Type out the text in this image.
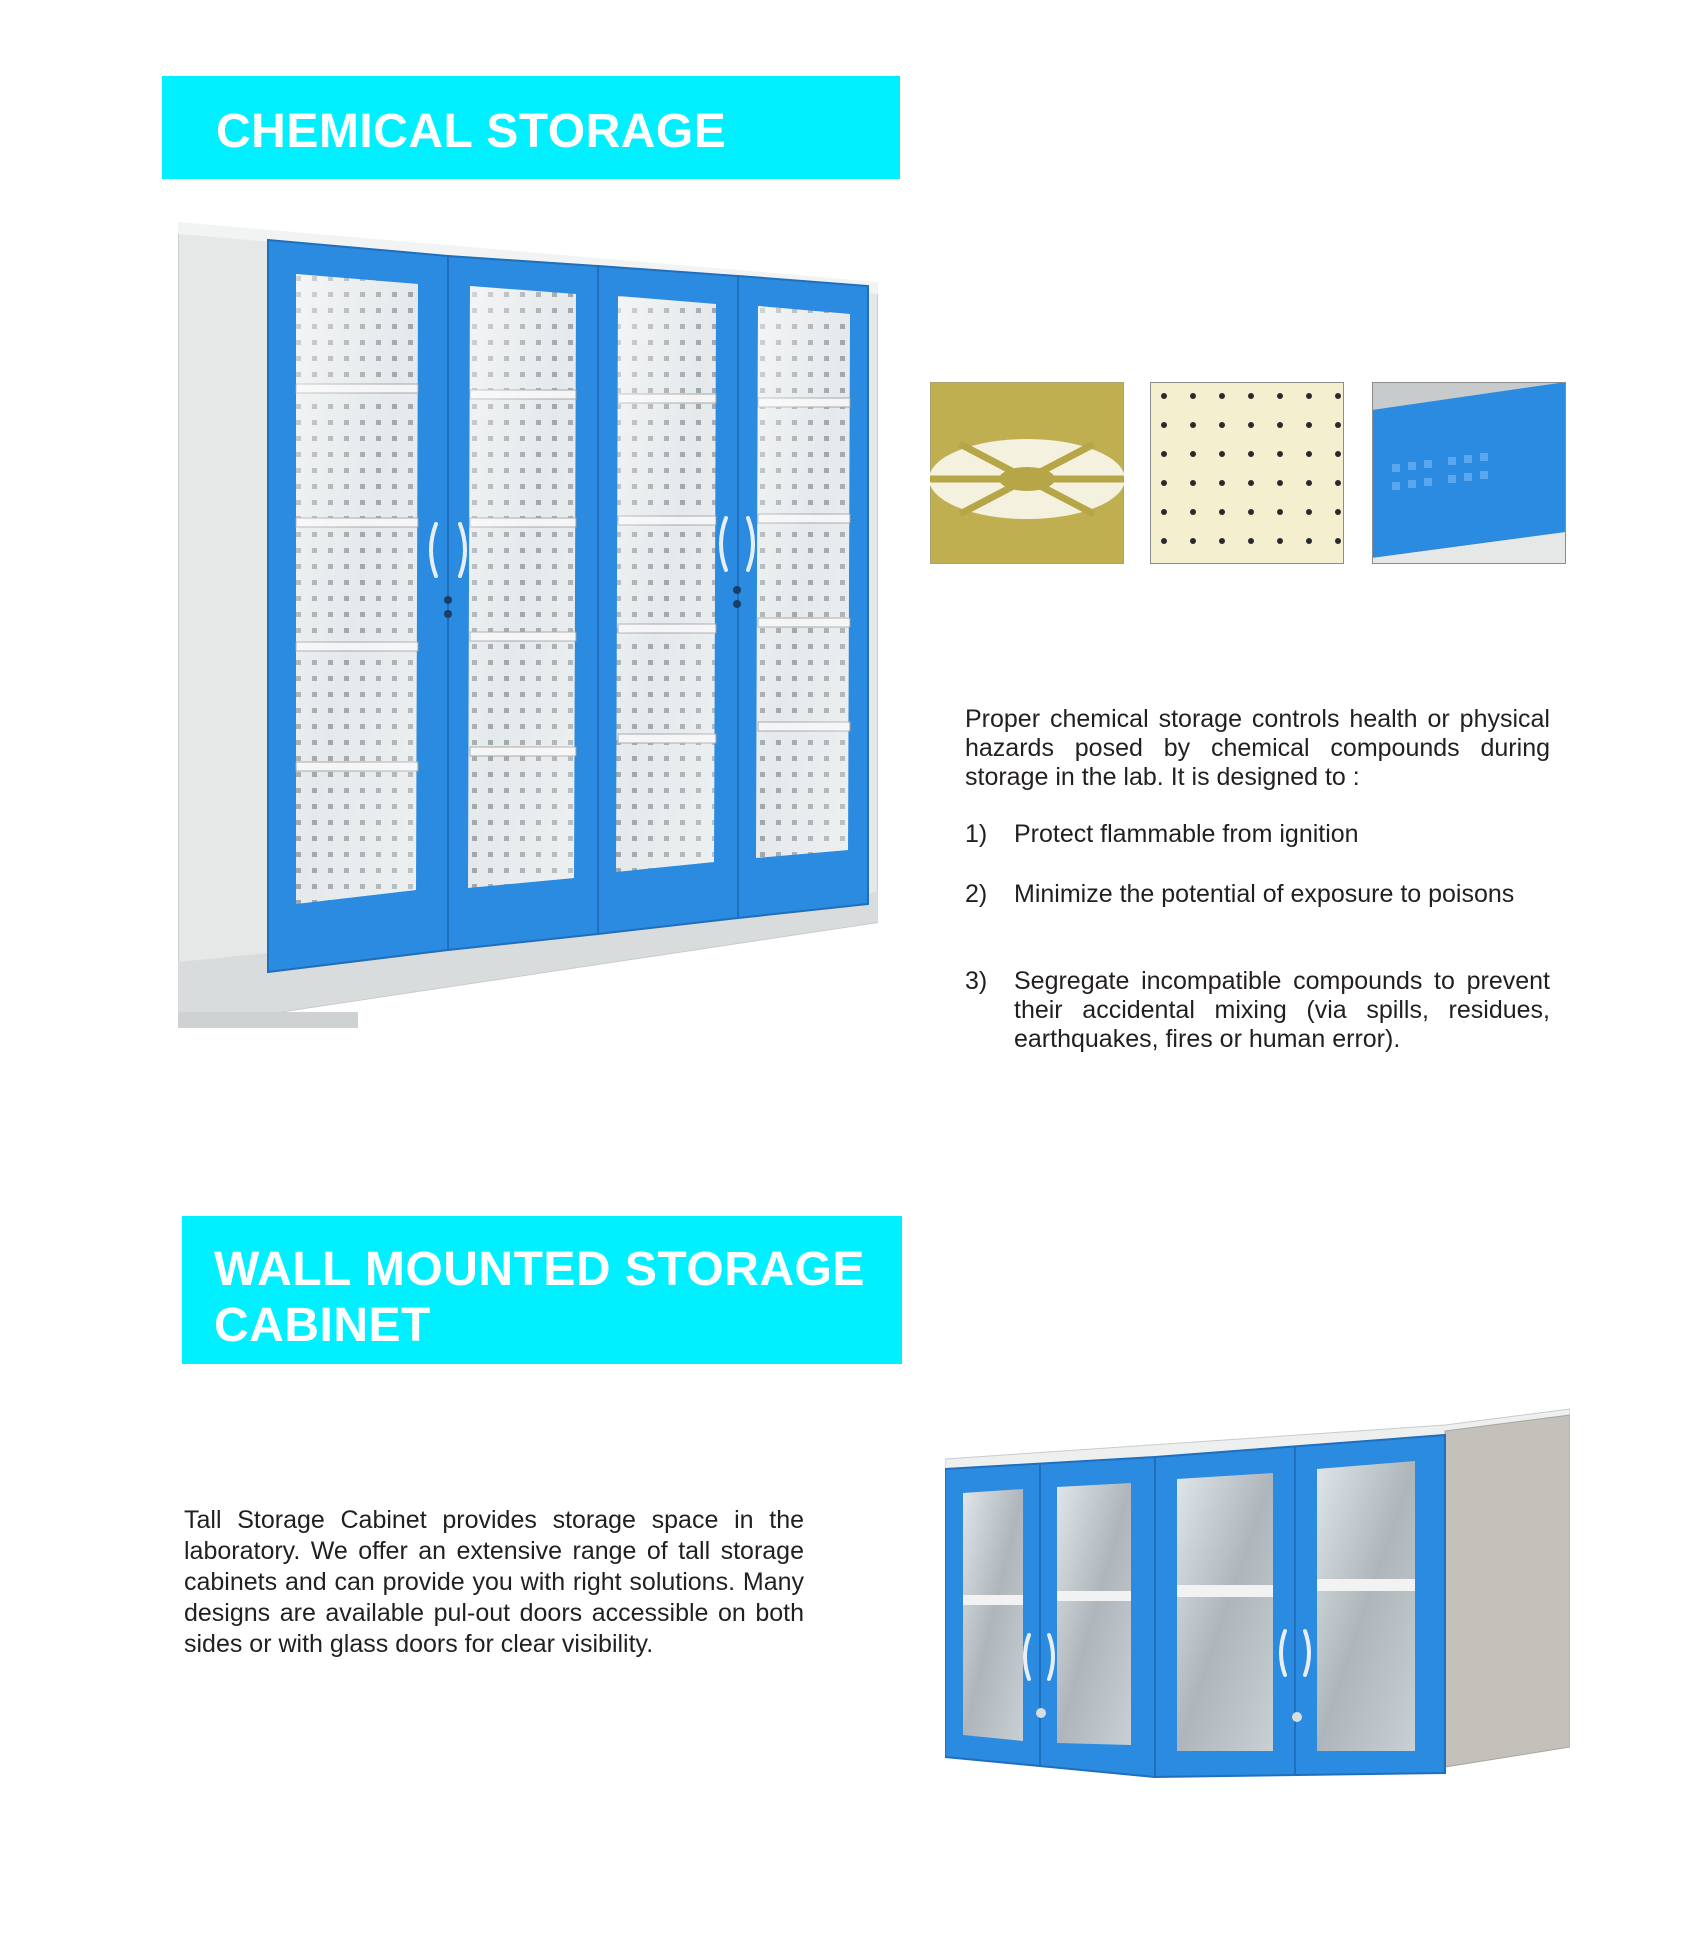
CHEMICAL STORAGE
Proper chemical storage controls health or physical hazards posed by chemical compounds during storage in the lab. It is designed to :
1) Protect flammable from ignition
2) Minimize the potential of exposure to poisons
3) Segregate incompatible compounds to prevent their accidental mixing (via spills, residues, earthquakes, fires or human error).
WALL MOUNTED STORAGE
CABINET
Tall Storage Cabinet provides storage space in the laboratory. We offer an extensive range of tall storage cabinets and can provide you with right solutions. Many designs are available pul-out doors accessible on both sides or with glass doors for clear visibility.
